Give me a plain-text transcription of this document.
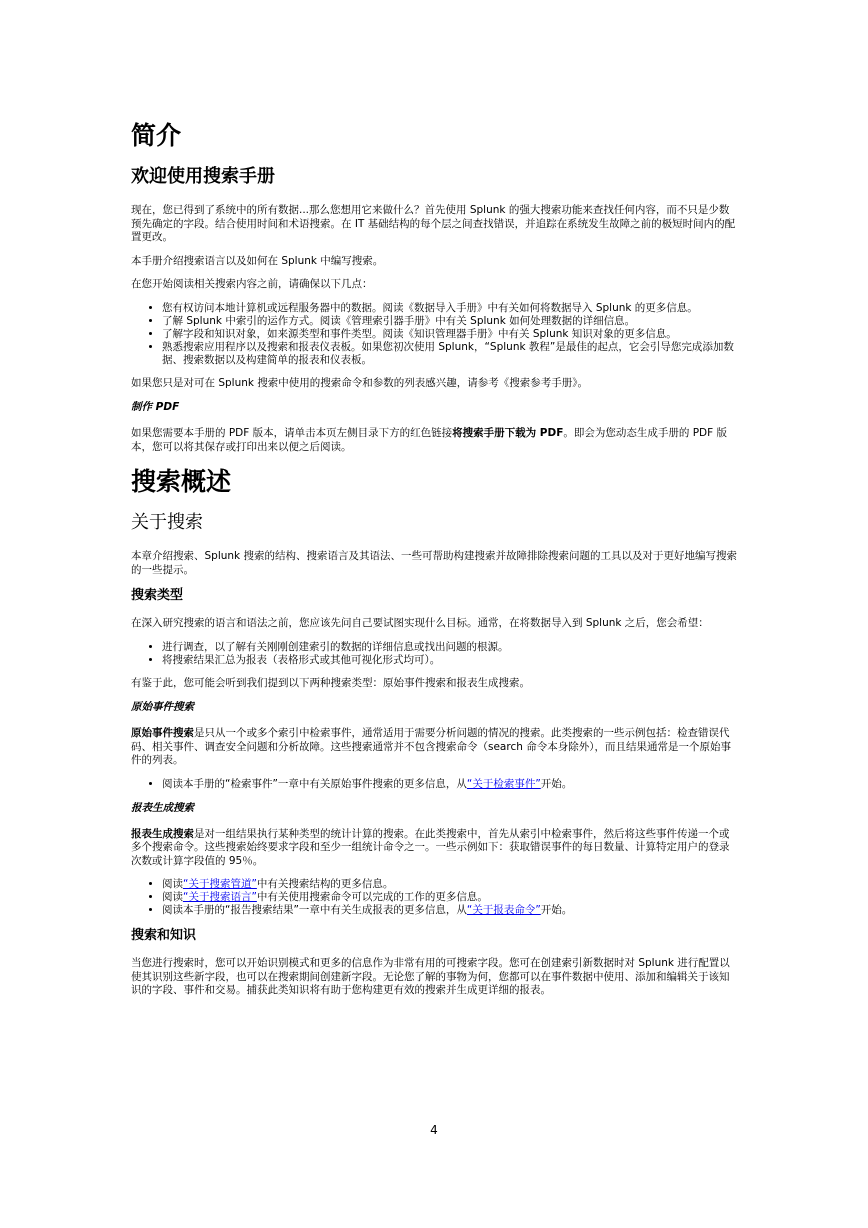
简介
欢迎使用搜索手册

现在，您已得到了系统中的所有数据...那么您想用它来做什么？首先使用 Splunk 的强大搜索功能来查找任何内容，而不只是少数预先确定的字段。结合使用时间和术语搜索。在 IT 基础结构的每个层之间查找错误，并追踪在系统发生故障之前的极短时间内的配置更改。

本手册介绍搜索语言以及如何在 Splunk 中编写搜索。

在您开始阅读相关搜索内容之前，请确保以下几点：

• 您有权访问本地计算机或远程服务器中的数据。阅读《数据导入手册》中有关如何将数据导入 Splunk 的更多信息。
• 了解 Splunk 中索引的运作方式。阅读《管理索引器手册》中有关 Splunk 如何处理数据的详细信息。
• 了解字段和知识对象，如来源类型和事件类型。阅读《知识管理器手册》中有关 Splunk 知识对象的更多信息。
• 熟悉搜索应用程序以及搜索和报表仪表板。如果您初次使用 Splunk，“Splunk 教程”是最佳的起点，它会引导您完成添加数据、搜索数据以及构建简单的报表和仪表板。

如果您只是对可在 Splunk 搜索中使用的搜索命令和参数的列表感兴趣，请参考《搜索参考手册》。

制作 PDF

如果您需要本手册的 PDF 版本，请单击本页左侧目录下方的红色链接将搜索手册下载为 PDF。即会为您动态生成手册的 PDF 版本，您可以将其保存或打印出来以便之后阅读。

搜索概述
关于搜索

本章介绍搜索、Splunk 搜索的结构、搜索语言及其语法、一些可帮助构建搜索并故障排除搜索问题的工具以及对于更好地编写搜索的一些提示。

搜索类型

在深入研究搜索的语言和语法之前，您应该先问自己要试图实现什么目标。通常，在将数据导入到 Splunk 之后，您会希望：

• 进行调查，以了解有关刚刚创建索引的数据的详细信息或找出问题的根源。
• 将搜索结果汇总为报表（表格形式或其他可视化形式均可）。

有鉴于此，您可能会听到我们提到以下两种搜索类型：原始事件搜索和报表生成搜索。

原始事件搜索

原始事件搜索是只从一个或多个索引中检索事件，通常适用于需要分析问题的情况的搜索。此类搜索的一些示例包括：检查错误代码、相关事件、调查安全问题和分析故障。这些搜索通常并不包含搜索命令（search 命令本身除外），而且结果通常是一个原始事件的列表。

• 阅读本手册的“检索事件”一章中有关原始事件搜索的更多信息，从“关于检索事件”开始。
报表生成搜索

报表生成搜索是对一组结果执行某种类型的统计计算的搜索。在此类搜索中，首先从索引中检索事件，然后将这些事件传递一个或多个搜索命令。这些搜索始终要求字段和至少一组统计命令之一。一些示例如下：获取错误事件的每日数量、计算特定用户的登录次数或计算字段值的 95％。

• 阅读“关于搜索管道”中有关搜索结构的更多信息。
• 阅读“关于搜索语言”中有关使用搜索命令可以完成的工作的更多信息。
• 阅读本手册的“报告搜索结果”一章中有关生成报表的更多信息，从“关于报表命令”开始。
搜索和知识

当您进行搜索时，您可以开始识别模式和更多的信息作为非常有用的可搜索字段。您可在创建索引新数据时对 Splunk 进行配置以使其识别这些新字段，也可以在搜索期间创建新字段。无论您了解的事物为何，您都可以在事件数据中使用、添加和编辑关于该知识的字段、事件和交易。捕获此类知识将有助于您构建更有效的搜索并生成更详细的报表。

4
